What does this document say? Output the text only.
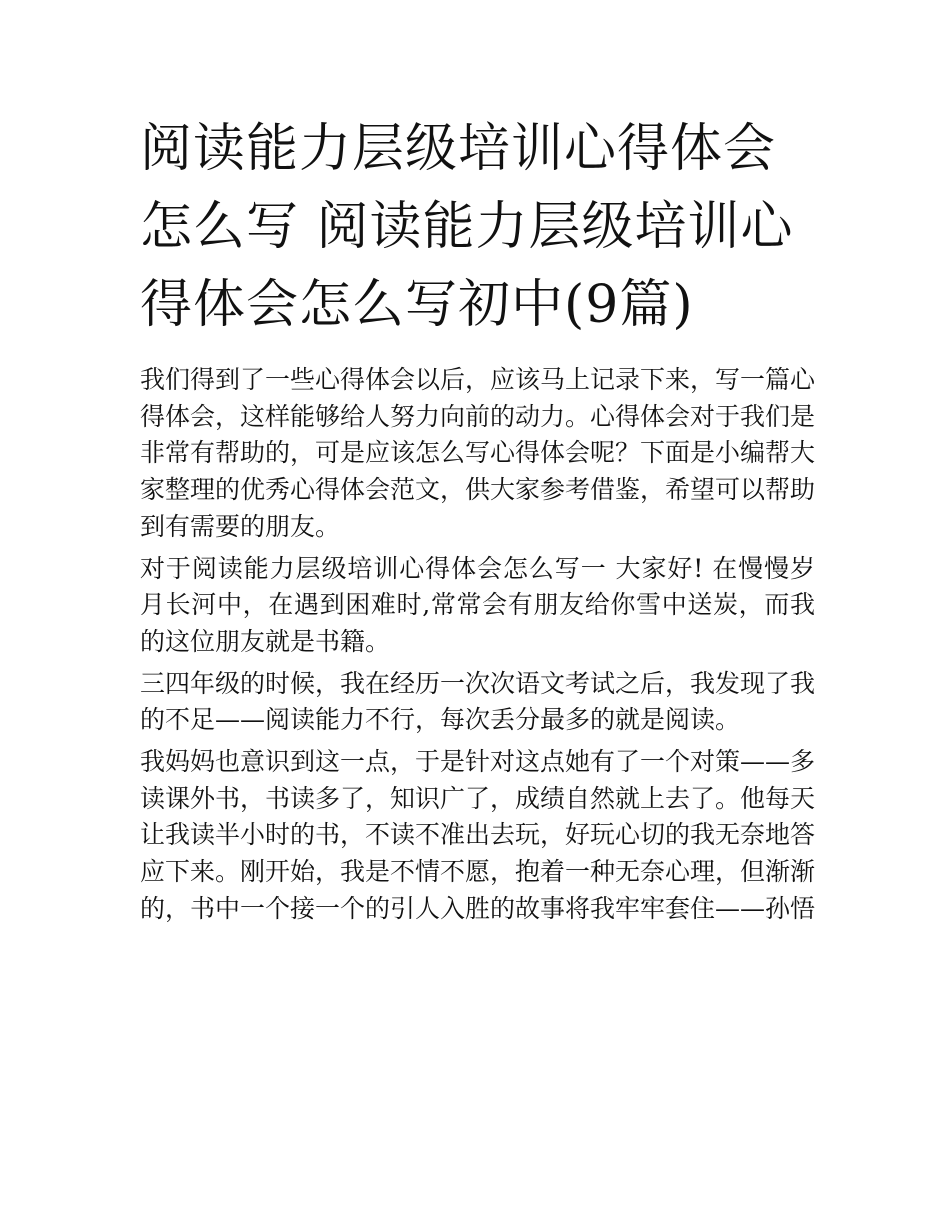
阅读能力层级培训心得体会怎么写 阅读能力层级培训心得体会怎么写初中(9篇)

我们得到了一些心得体会以后，应该马上记录下来，写一篇心得体会，这样能够给人努力向前的动力。心得体会对于我们是非常有帮助的，可是应该怎么写心得体会呢？下面是小编帮大家整理的优秀心得体会范文，供大家参考借鉴，希望可以帮助到有需要的朋友。

对于阅读能力层级培训心得体会怎么写一 大家好! 在慢慢岁月长河中，在遇到困难时,常常会有朋友给你雪中送炭，而我的这位朋友就是书籍。

三四年级的时候，我在经历一次次语文考试之后，我发现了我的不足——阅读能力不行，每次丢分最多的就是阅读。

我妈妈也意识到这一点，于是针对这点她有了一个对策——多读课外书，书读多了，知识广了，成绩自然就上去了。他每天让我读半小时的书，不读不准出去玩，好玩心切的我无奈地答应下来。刚开始，我是不情不愿，抱着一种无奈心理，但渐渐的，书中一个接一个的引人入胜的故事将我牢牢套住——孙悟
